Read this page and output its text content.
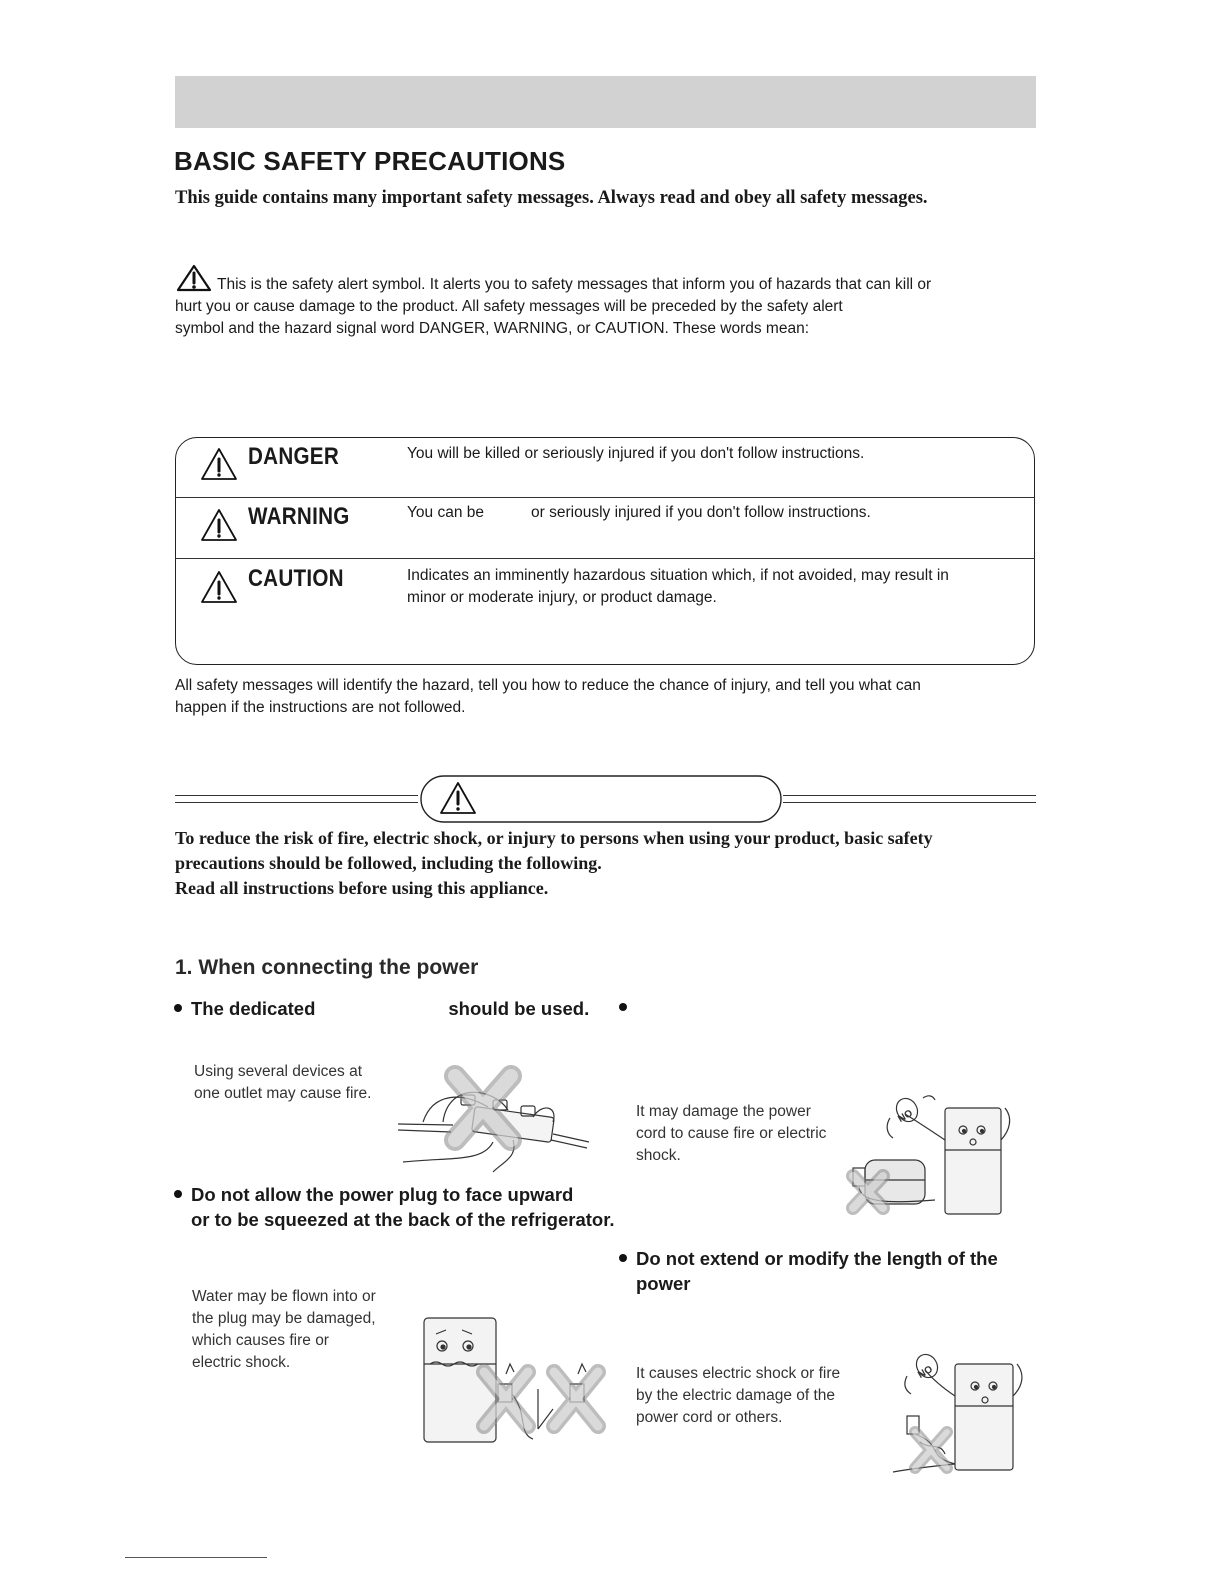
BASIC SAFETY PRECAUTIONS
This guide contains many important safety messages. Always read and obey all safety messages.
This is the safety alert symbol. It alerts you to safety messages that inform you of hazards that can kill or
hurt you or cause damage to the product. All safety messages will be preceded by the safety alert
symbol and the hazard signal word DANGER, WARNING, or CAUTION. These words mean:
DANGER	You will be killed or seriously injured if you don't follow instructions.
WARNING	You can be	or seriously injured if you don't follow instructions.
CAUTION	Indicates an imminently hazardous situation which, if not avoided, may result in
minor or moderate injury, or product damage.
All safety messages will identify the hazard, tell you how to reduce the chance of injury, and tell you what can
happen if the instructions are not followed.
To reduce the risk of fire, electric shock, or injury to persons when using your product, basic safety
precautions should be followed, including the following.
Read all instructions before using this appliance.
1. When connecting the power
The dedicated	should be used.
Using several devices at
one outlet may cause fire.
It may damage the power
cord to cause fire or electric
shock.
NO
Do not allow the power plug to face upward
or to be squeezed at the back of the refrigerator.
Do not extend or modify the length of the
power
Water may be flown into or
the plug may be damaged,
which causes fire or
electric shock.
It causes electric shock or fire
by the electric damage of the
power cord or others.
NO
